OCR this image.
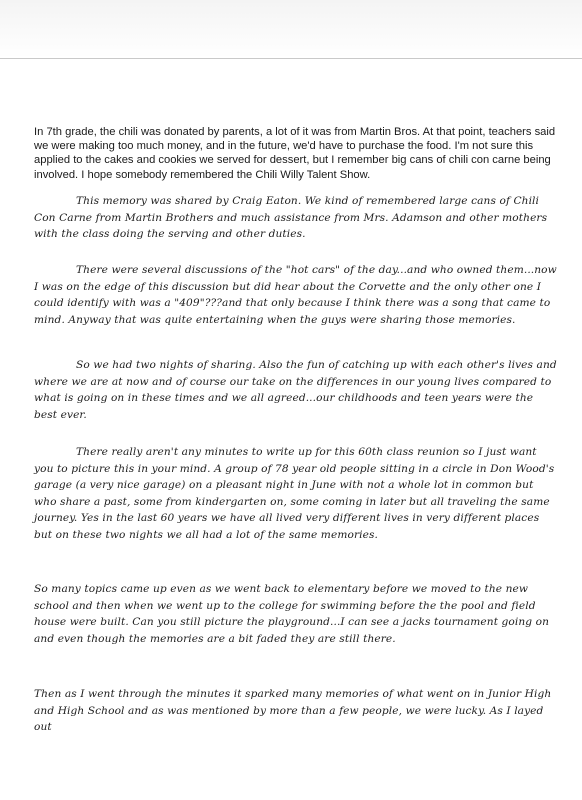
In 7th grade, the chili was donated by parents, a lot of it was from Martin Bros. At that point, teachers said we were making too much money, and in the future, we'd have to purchase the food. I'm not sure this applied to the cakes and cookies we served for dessert, but I remember big cans of chili con carne being involved. I hope somebody remembered the Chili Willy Talent Show.

This memory was shared by Craig Eaton. We kind of remembered large cans of Chili Con Carne from Martin Brothers and much assistance from Mrs. Adamson and other mothers with the class doing the serving and other duties.

There were several discussions of the "hot cars" of the day...and who owned them...now I was on the edge of this discussion but did hear about the Corvette and the only other one I could identify with was a "409"???and that only because I think there was a song that came to mind. Anyway that was quite entertaining when the guys were sharing those memories.

So we had two nights of sharing. Also the fun of catching up with each other's lives and where we are at now and of course our take on the differences in our young lives compared to what is going on in these times and we all agreed...our childhoods and teen years were the best ever.

There really aren't any minutes to write up for this 60th class reunion so I just want you to picture this in your mind. A group of 78 year old people sitting in a circle in Don Wood's garage (a very nice garage) on a pleasant night in June with not a whole lot in common but who share a past, some from kindergarten on, some coming in later but all traveling the same journey. Yes in the last 60 years we have all lived very different lives in very different places but on these two nights we all had a lot of the same memories.

So many topics came up even as we went back to elementary before we moved to the new school and then when we went up to the college for swimming before the the pool and field house were built. Can you still picture the playground...I can see a jacks tournament going on and even though the memories are a bit faded they are still there.

Then as I went through the minutes it sparked many memories of what went on in Junior High and High School and as was mentioned by more than a few people, we were lucky. As I layed out
